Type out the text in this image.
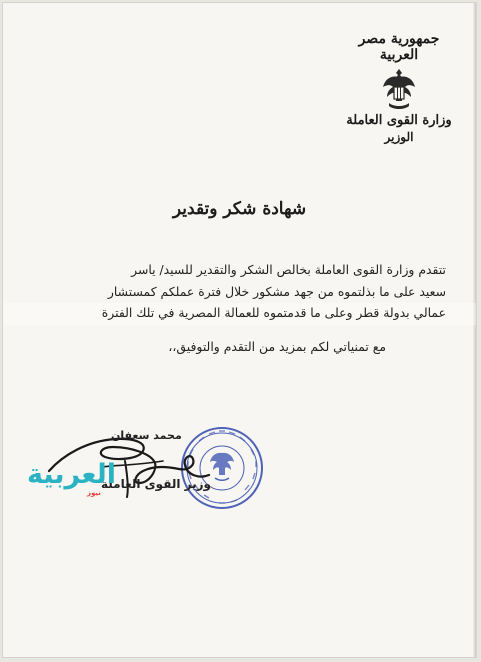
جمهورية مصر العربية
وزارة القوى العاملة
الوزير
شهادة شكر وتقدير

تتقدم وزارة القوى العاملة بخالص الشكر والتقدير للسيد/ ياسر

سعيد على ما بذلتموه من جهد مشكور خلال فترة عملكم كمستشار

عمالي بدولة قطر وعلى ما قدمتموه للعمالة المصرية في تلك الفترة

مع تمنياتي لكم بمزيد من التقدم والتوفيق،،

محمد سعفان
وزير القوى العاملة
العربية
نيوز
